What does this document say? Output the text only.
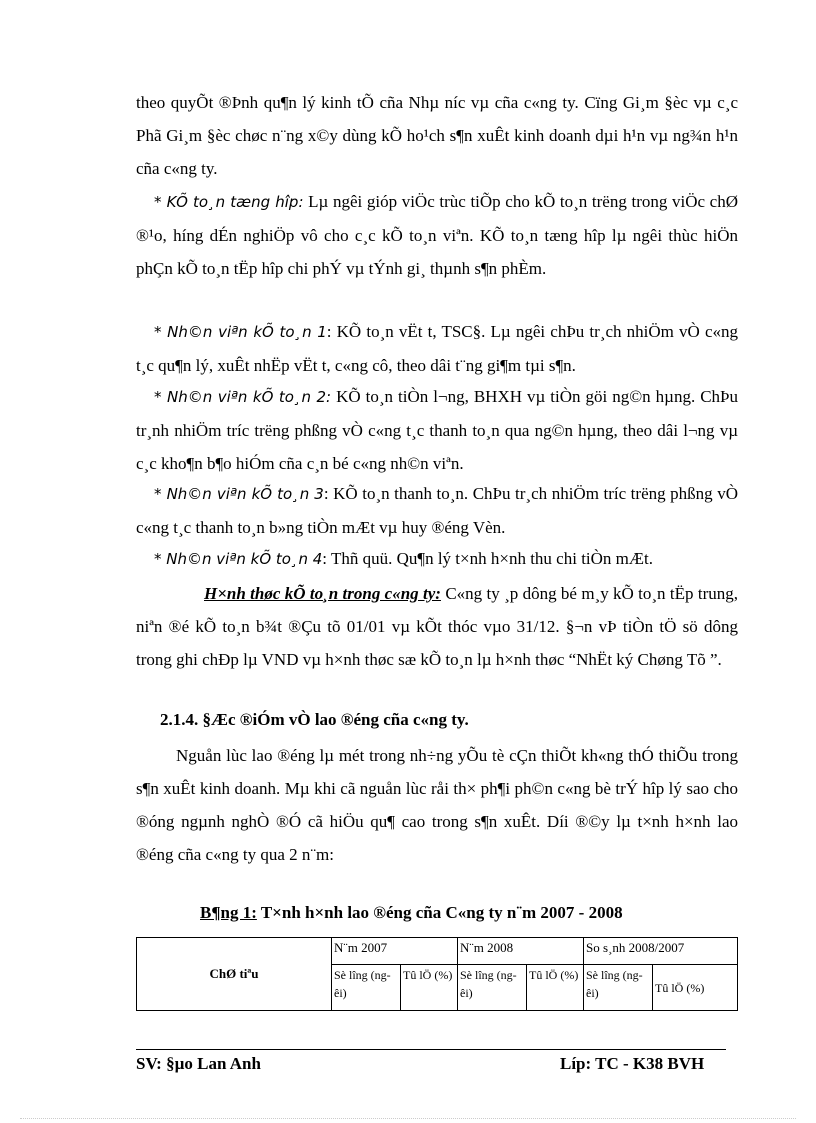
theo quyÕt ®Þnh qu¶n lý kinh tÕ cña Nhµ níc vµ cña c«ng ty. Cïng Gi¸m §èc vµ c¸c Phã Gi¸m §èc chøc n¨ng x©y dùng kÕ ho¹ch s¶n xuÊt kinh doanh dµi h¹n vµ ng¾n h¹n cña c«ng ty.

* KÕ to¸n tæng hîp: Lµ ngêi gióp viÖc trùc tiÕp cho kÕ to¸n trëng trong viÖc chØ ®¹o, híng dÉn nghiÖp vô cho c¸c kÕ to¸n viªn. KÕ to¸n tæng hîp lµ ngêi thùc hiÖn phÇn kÕ to¸n tËp hîp chi phÝ vµ tÝnh gi¸ thµnh s¶n phÈm.

* Nh©n viªn kÕ to¸n 1: KÕ to¸n vËt t, TSC§. Lµ ngêi chÞu tr¸ch nhiÖm vÒ c«ng t¸c qu¶n lý, xuÊt nhËp vËt t, c«ng cô, theo dâi t¨ng gi¶m tµi s¶n.

* Nh©n viªn kÕ to¸n 2: KÕ to¸n tiÒn l¬ng, BHXH vµ tiÒn göi ng©n hµng. ChÞu tr¸nh nhiÖm tríc trëng phßng vÒ c«ng t¸c thanh to¸n qua ng©n hµng, theo dâi l¬ng vµ c¸c kho¶n b¶o hiÓm cña c¸n bé c«ng nh©n viªn.

* Nh©n viªn kÕ to¸n 3: KÕ to¸n thanh to¸n. ChÞu tr¸ch nhiÖm tríc trëng phßng vÒ c«ng t¸c thanh to¸n b»ng tiÒn mÆt vµ huy ®éng Vèn.

* Nh©n viªn kÕ to¸n 4: Thñ quü. Qu¶n lý t×nh h×nh thu chi tiÒn mÆt.

H×nh thøc kÕ to¸n trong c«ng ty: C«ng ty ¸p dông bé m¸y kÕ to¸n tËp trung, niªn ®é kÕ to¸n b¾t ®Çu tõ 01/01 vµ kÕt thóc vµo 31/12. §¬n vÞ tiÒn tÖ sö dông trong ghi chÐp lµ VND vµ h×nh thøc sæ kÕ to¸n lµ h×nh thøc “NhËt ký Chøng Tõ ”.

2.1.4. §Æc ®iÓm vÒ lao ®éng cña c«ng ty.

Nguån lùc lao ®éng lµ mét trong nh÷ng yÕu tè cÇn thiÕt kh«ng thÓ thiÕu trong s¶n xuÊt kinh doanh. Mµ khi cã nguån lùc råi th× ph¶i ph©n c«ng bè trÝ hîp lý sao cho ®óng ngµnh nghÒ ®Ó cã hiÖu qu¶ cao trong s¶n xuÊt. Díi ®©y lµ t×nh h×nh lao ®éng cña c«ng ty qua 2 n¨m:

B¶ng 1: T×nh h×nh lao ®éng cña C«ng ty n¨m 2007 - 2008
ChØ tiªu	N¨m 2007		N¨m 2008		So s¸nh 2008/2007	
	Sè lîng (ngêi)	Tû lÖ (%)	Sè lîng (ngêi)	Tû lÖ (%)	Sè lîng (ngêi)	Tû lÖ (%)
SV: §µo Lan Anh	Líp: TC - K38 BVH
